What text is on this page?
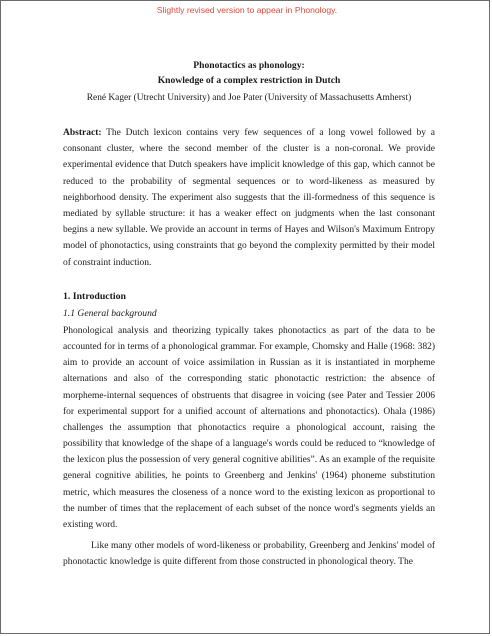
Slightly revised version to appear in Phonology.
Phonotactics as phonology:
Knowledge of a complex restriction in Dutch
René Kager (Utrecht University) and Joe Pater (University of Massachusetts Amherst)

Abstract: The Dutch lexicon contains very few sequences of a long vowel followed by a consonant cluster, where the second member of the cluster is a non-coronal. We provide experimental evidence that Dutch speakers have implicit knowledge of this gap, which cannot be reduced to the probability of segmental sequences or to word-likeness as measured by neighborhood density. The experiment also suggests that the ill-formedness of this sequence is mediated by syllable structure: it has a weaker effect on judgments when the last consonant begins a new syllable. We provide an account in terms of Hayes and Wilson's Maximum Entropy model of phonotactics, using constraints that go beyond the complexity permitted by their model of constraint induction.

1. Introduction
1.1 General background

Phonological analysis and theorizing typically takes phonotactics as part of the data to be accounted for in terms of a phonological grammar. For example, Chomsky and Halle (1968: 382) aim to provide an account of voice assimilation in Russian as it is instantiated in morpheme alternations and also of the corresponding static phonotactic restriction: the absence of morpheme-internal sequences of obstruents that disagree in voicing (see Pater and Tessier 2006 for experimental support for a unified account of alternations and phonotactics). Ohala (1986) challenges the assumption that phonotactics require a phonological account, raising the possibility that knowledge of the shape of a language's words could be reduced to “knowledge of the lexicon plus the possession of very general cognitive abilities”. As an example of the requisite general cognitive abilities, he points to Greenberg and Jenkins' (1964) phoneme substitution metric, which measures the closeness of a nonce word to the existing lexicon as proportional to the number of times that the replacement of each subset of the nonce word's segments yields an existing word.

Like many other models of word-likeness or probability, Greenberg and Jenkins' model of phonotactic knowledge is quite different from those constructed in phonological theory. The
